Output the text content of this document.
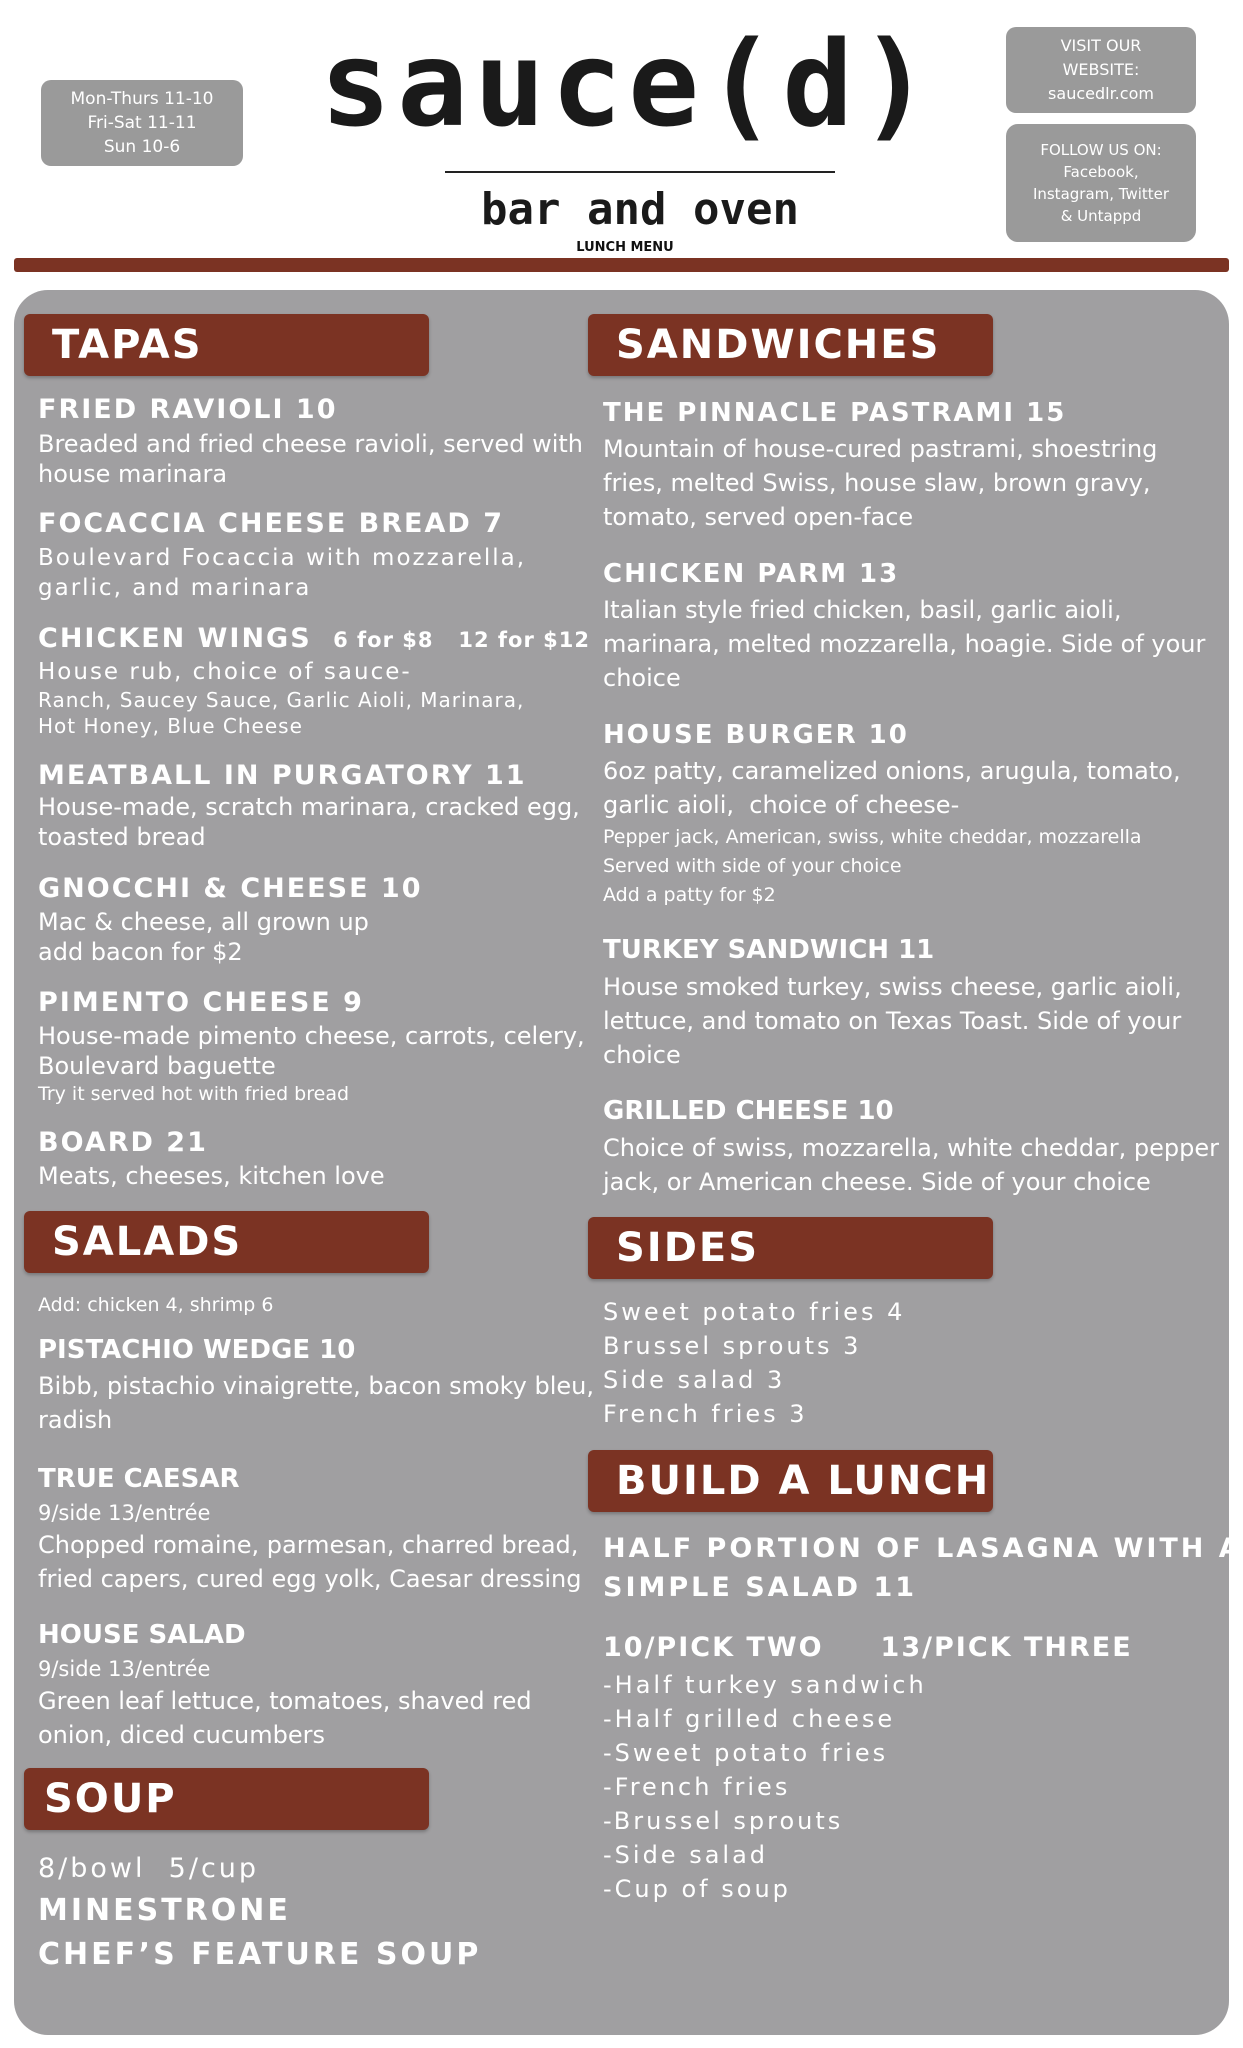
Mon-Thurs 11-10
Fri-Sat 11-11
Sun 10-6	sauce(d)
bar and oven
LUNCH MENU
VISIT OUR
WEBSITE:
saucedlr.com
FOLLOW US ON:
Facebook,
Instagram, Twitter
& Untappd
TAPAS
FRIED RAVIOLI 10
Breaded and fried cheese ravioli, served with
house marinara
FOCACCIA CHEESE BREAD 7
Boulevard Focaccia with mozzarella,
garlic, and marinara
CHICKEN WINGS 6 for $8   12 for $12
House rub, choice of sauce-
Ranch, Saucey Sauce, Garlic Aioli, Marinara,
Hot Honey, Blue Cheese
MEATBALL IN PURGATORY 11
House-made, scratch marinara, cracked egg,
toasted bread
GNOCCHI & CHEESE 10
Mac & cheese, all grown up
add bacon for $2
PIMENTO CHEESE 9
House-made pimento cheese, carrots, celery,
Boulevard baguette
Try it served hot with fried bread
BOARD 21
Meats, cheeses, kitchen love
SALADS
Add: chicken 4, shrimp 6
PISTACHIO WEDGE 10
Bibb, pistachio vinaigrette, bacon smoky bleu,
radish
TRUE CAESAR
9/side 13/entrée
Chopped romaine, parmesan, charred bread,
fried capers, cured egg yolk, Caesar dressing
HOUSE SALAD
9/side 13/entrée
Green leaf lettuce, tomatoes, shaved red
onion, diced cucumbers
SOUP
8/bowl  5/cup
MINESTRONE
CHEF’S FEATURE SOUP
SANDWICHES
THE PINNACLE PASTRAMI 15
Mountain of house-cured pastrami, shoestring
fries, melted Swiss, house slaw, brown gravy,
tomato, served open-face
CHICKEN PARM 13
Italian style fried chicken, basil, garlic aioli,
marinara, melted mozzarella, hoagie. Side of your
choice
HOUSE BURGER 10
6oz patty, caramelized onions, arugula, tomato,
garlic aioli,  choice of cheese-
Pepper jack, American, swiss, white cheddar, mozzarella
Served with side of your choice
Add a patty for $2
TURKEY SANDWICH 11
House smoked turkey, swiss cheese, garlic aioli,
lettuce, and tomato on Texas Toast. Side of your
choice
GRILLED CHEESE 10
Choice of swiss, mozzarella, white cheddar, pepper
jack, or American cheese. Side of your choice
SIDES
Sweet potato fries 4
Brussel sprouts 3
Side salad 3
French fries 3
BUILD A LUNCH
HALF PORTION OF LASAGNA WITH A
SIMPLE SALAD 11
10/PICK TWO     13/PICK THREE
-Half turkey sandwich
-Half grilled cheese
-Sweet potato fries
-French fries
-Brussel sprouts
-Side salad
-Cup of soup
